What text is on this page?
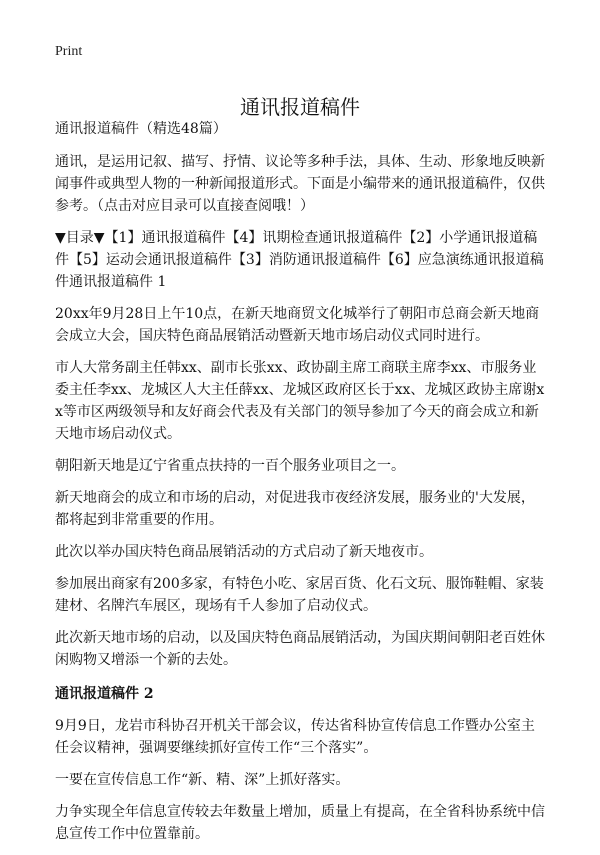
Print
通讯报道稿件

通讯报道稿件（精选48篇）

通讯，是运用记叙、描写、抒情、议论等多种手法，具体、生动、形象地反映新闻事件或典型人物的一种新闻报道形式。下面是小编带来的通讯报道稿件，仅供参考。（点击对应目录可以直接查阅哦！）

▼目录▼【1】通讯报道稿件【4】讯期检查通讯报道稿件【2】小学通讯报道稿件【5】运动会通讯报道稿件【3】消防通讯报道稿件【6】应急演练通讯报道稿件通讯报道稿件 1

20xx年9月28日上午10点，在新天地商贸文化城举行了朝阳市总商会新天地商会成立大会，国庆特色商品展销活动暨新天地市场启动仪式同时进行。

市人大常务副主任韩xx、副市长张xx、政协副主席工商联主席李xx、市服务业委主任李xx、龙城区人大主任薛xx、龙城区政府区长于xx、龙城区政协主席谢xx等市区两级领导和友好商会代表及有关部门的领导参加了今天的商会成立和新天地市场启动仪式。

朝阳新天地是辽宁省重点扶持的一百个服务业项目之一。

新天地商会的成立和市场的启动，对促进我市夜经济发展，服务业的'大发展，都将起到非常重要的作用。

此次以举办国庆特色商品展销活动的方式启动了新天地夜市。

参加展出商家有200多家，有特色小吃、家居百货、化石文玩、服饰鞋帽、家装建材、名牌汽车展区，现场有千人参加了启动仪式。

此次新天地市场的启动，以及国庆特色商品展销活动，为国庆期间朝阳老百姓休闲购物又增添一个新的去处。

通讯报道稿件 2

9月9日，龙岩市科协召开机关干部会议，传达省科协宣传信息工作暨办公室主任会议精神，强调要继续抓好宣传工作“三个落实”。

一要在宣传信息工作“新、精、深”上抓好落实。

力争实现全年信息宣传较去年数量上增加，质量上有提高，在全省科协系统中信息宣传工作中位置靠前。
